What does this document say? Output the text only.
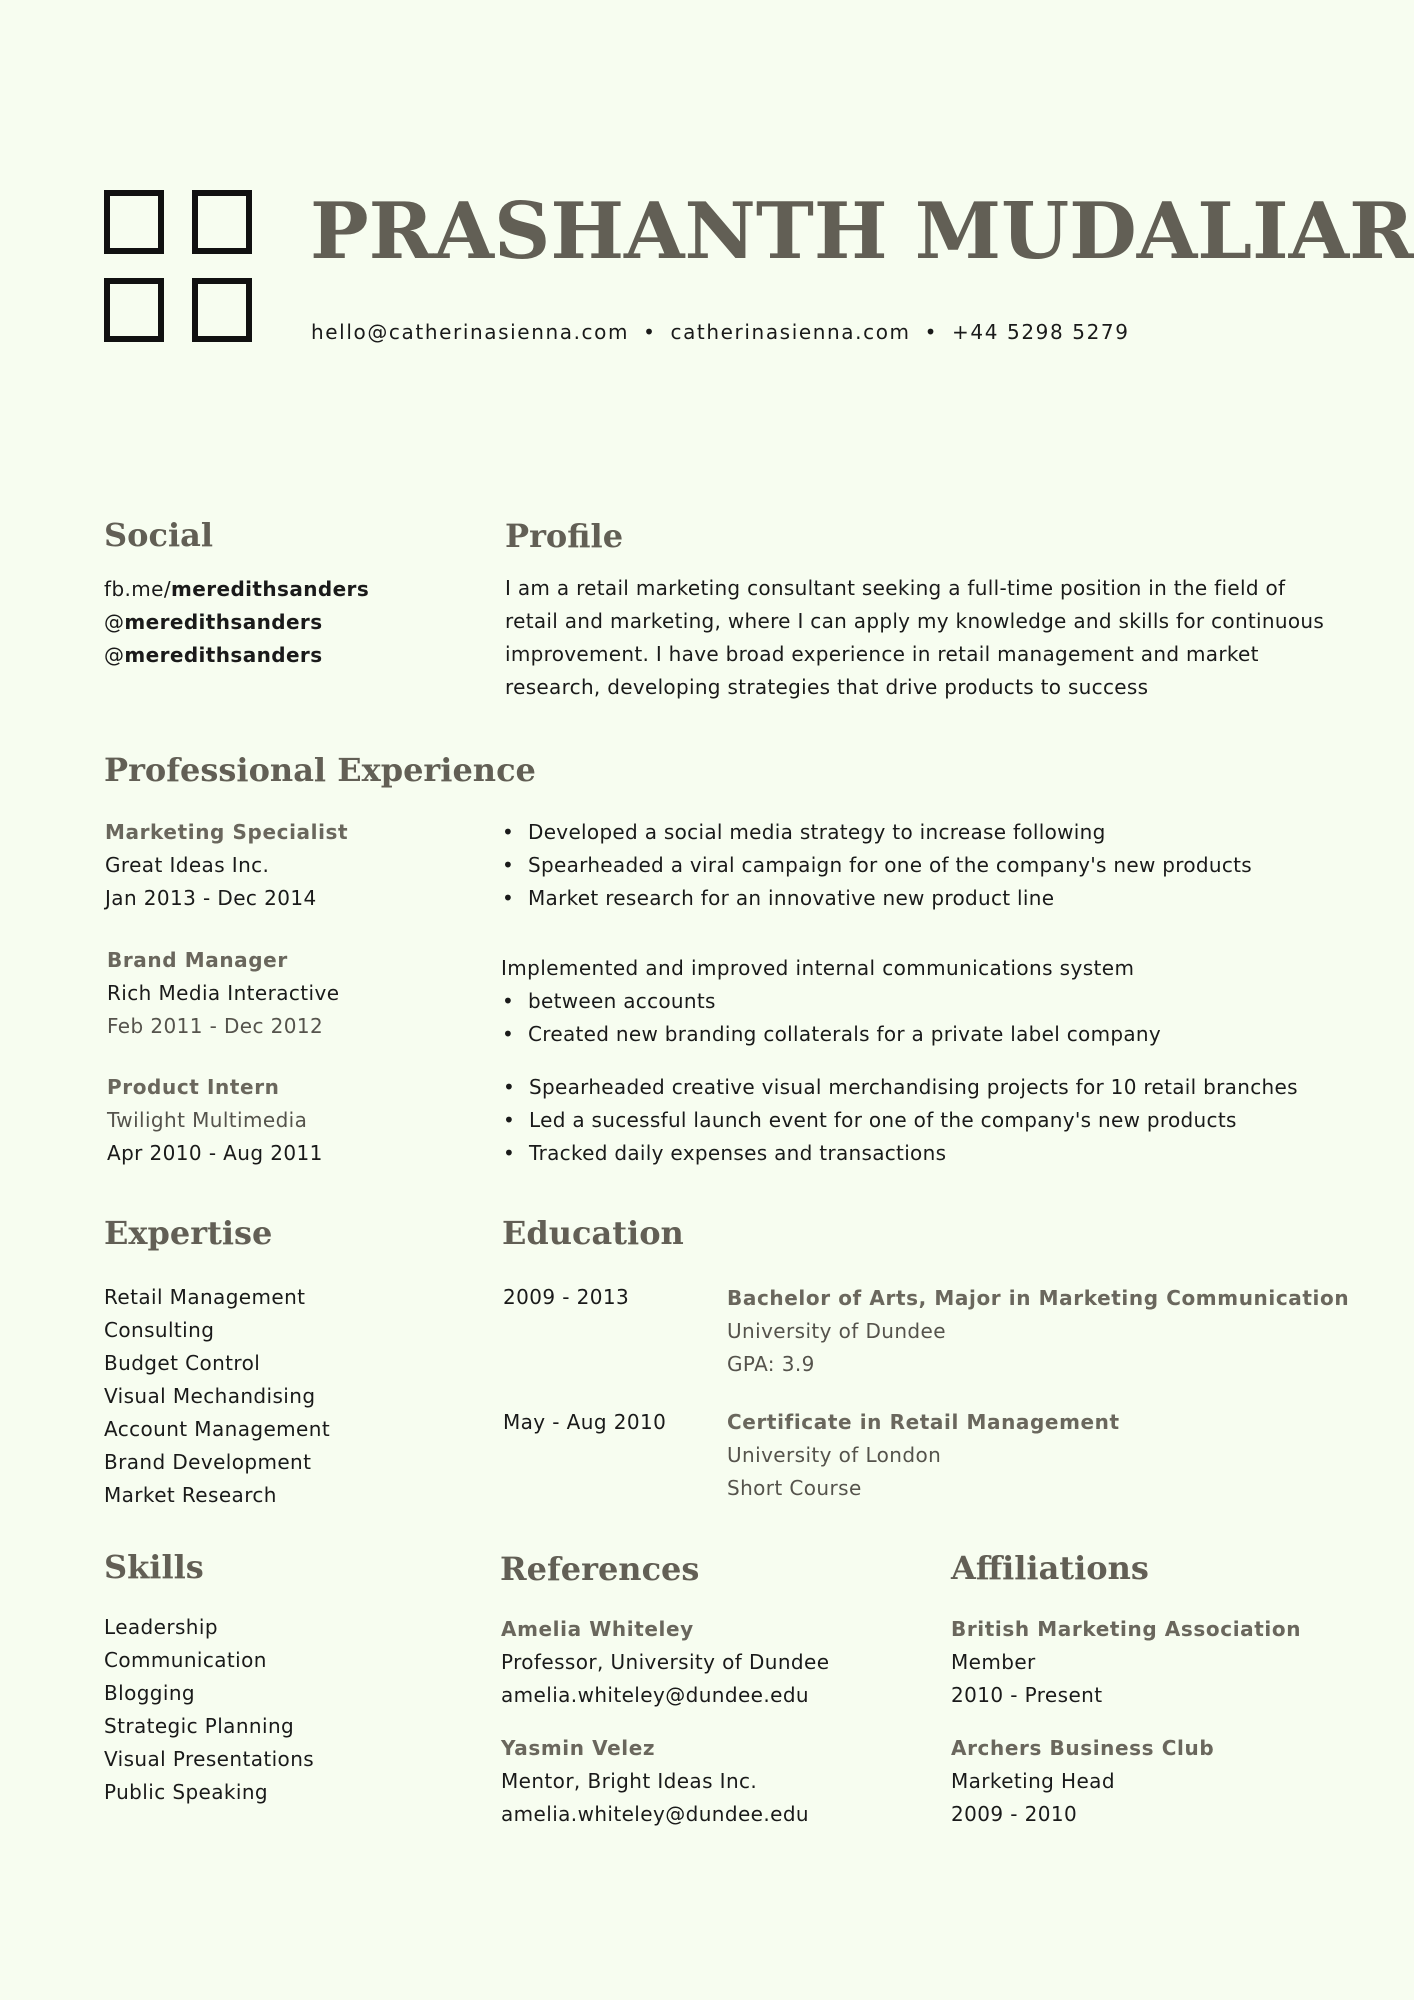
PRASHANTH MUDALIAR
hello@catherinasienna.com • catherinasienna.com • +44 5298 5279
Social
fb.me/meredithsanders
@meredithsanders
@meredithsanders
Profile
I am a retail marketing consultant seeking a full-time position in the field of retail and marketing, where I can apply my knowledge and skills for continuous improvement. I have broad experience in retail management and market research, developing strategies that drive products to success
Professional Experience
Marketing Specialist
Great Ideas Inc.
Jan 2013 - Dec 2014
• Developed a social media strategy to increase following
• Spearheaded a viral campaign for one of the company's new products
• Market research for an innovative new product line
Brand Manager
Rich Media Interactive
Feb 2011 - Dec 2012
Implemented and improved internal communications system
• between accounts
• Created new branding collaterals for a private label company
Product Intern
Twilight Multimedia
Apr 2010 - Aug 2011
• Spearheaded creative visual merchandising projects for 10 retail branches
• Led a sucessful launch event for one of the company's new products
• Tracked daily expenses and transactions
Expertise
Retail Management
Consulting
Budget Control
Visual Mechandising
Account Management
Brand Development
Market Research
Education
2009 - 2013	Bachelor of Arts, Major in Marketing Communication
University of Dundee
GPA: 3.9
May - Aug 2010	Certificate in Retail Management
University of London
Short Course
Skills
Leadership
Communication
Blogging
Strategic Planning
Visual Presentations
Public Speaking
References
Amelia Whiteley
Professor, University of Dundee
amelia.whiteley@dundee.edu
Yasmin Velez
Mentor, Bright Ideas Inc.
amelia.whiteley@dundee.edu
Affiliations
British Marketing Association
Member
2010 - Present
Archers Business Club
Marketing Head
2009 - 2010
